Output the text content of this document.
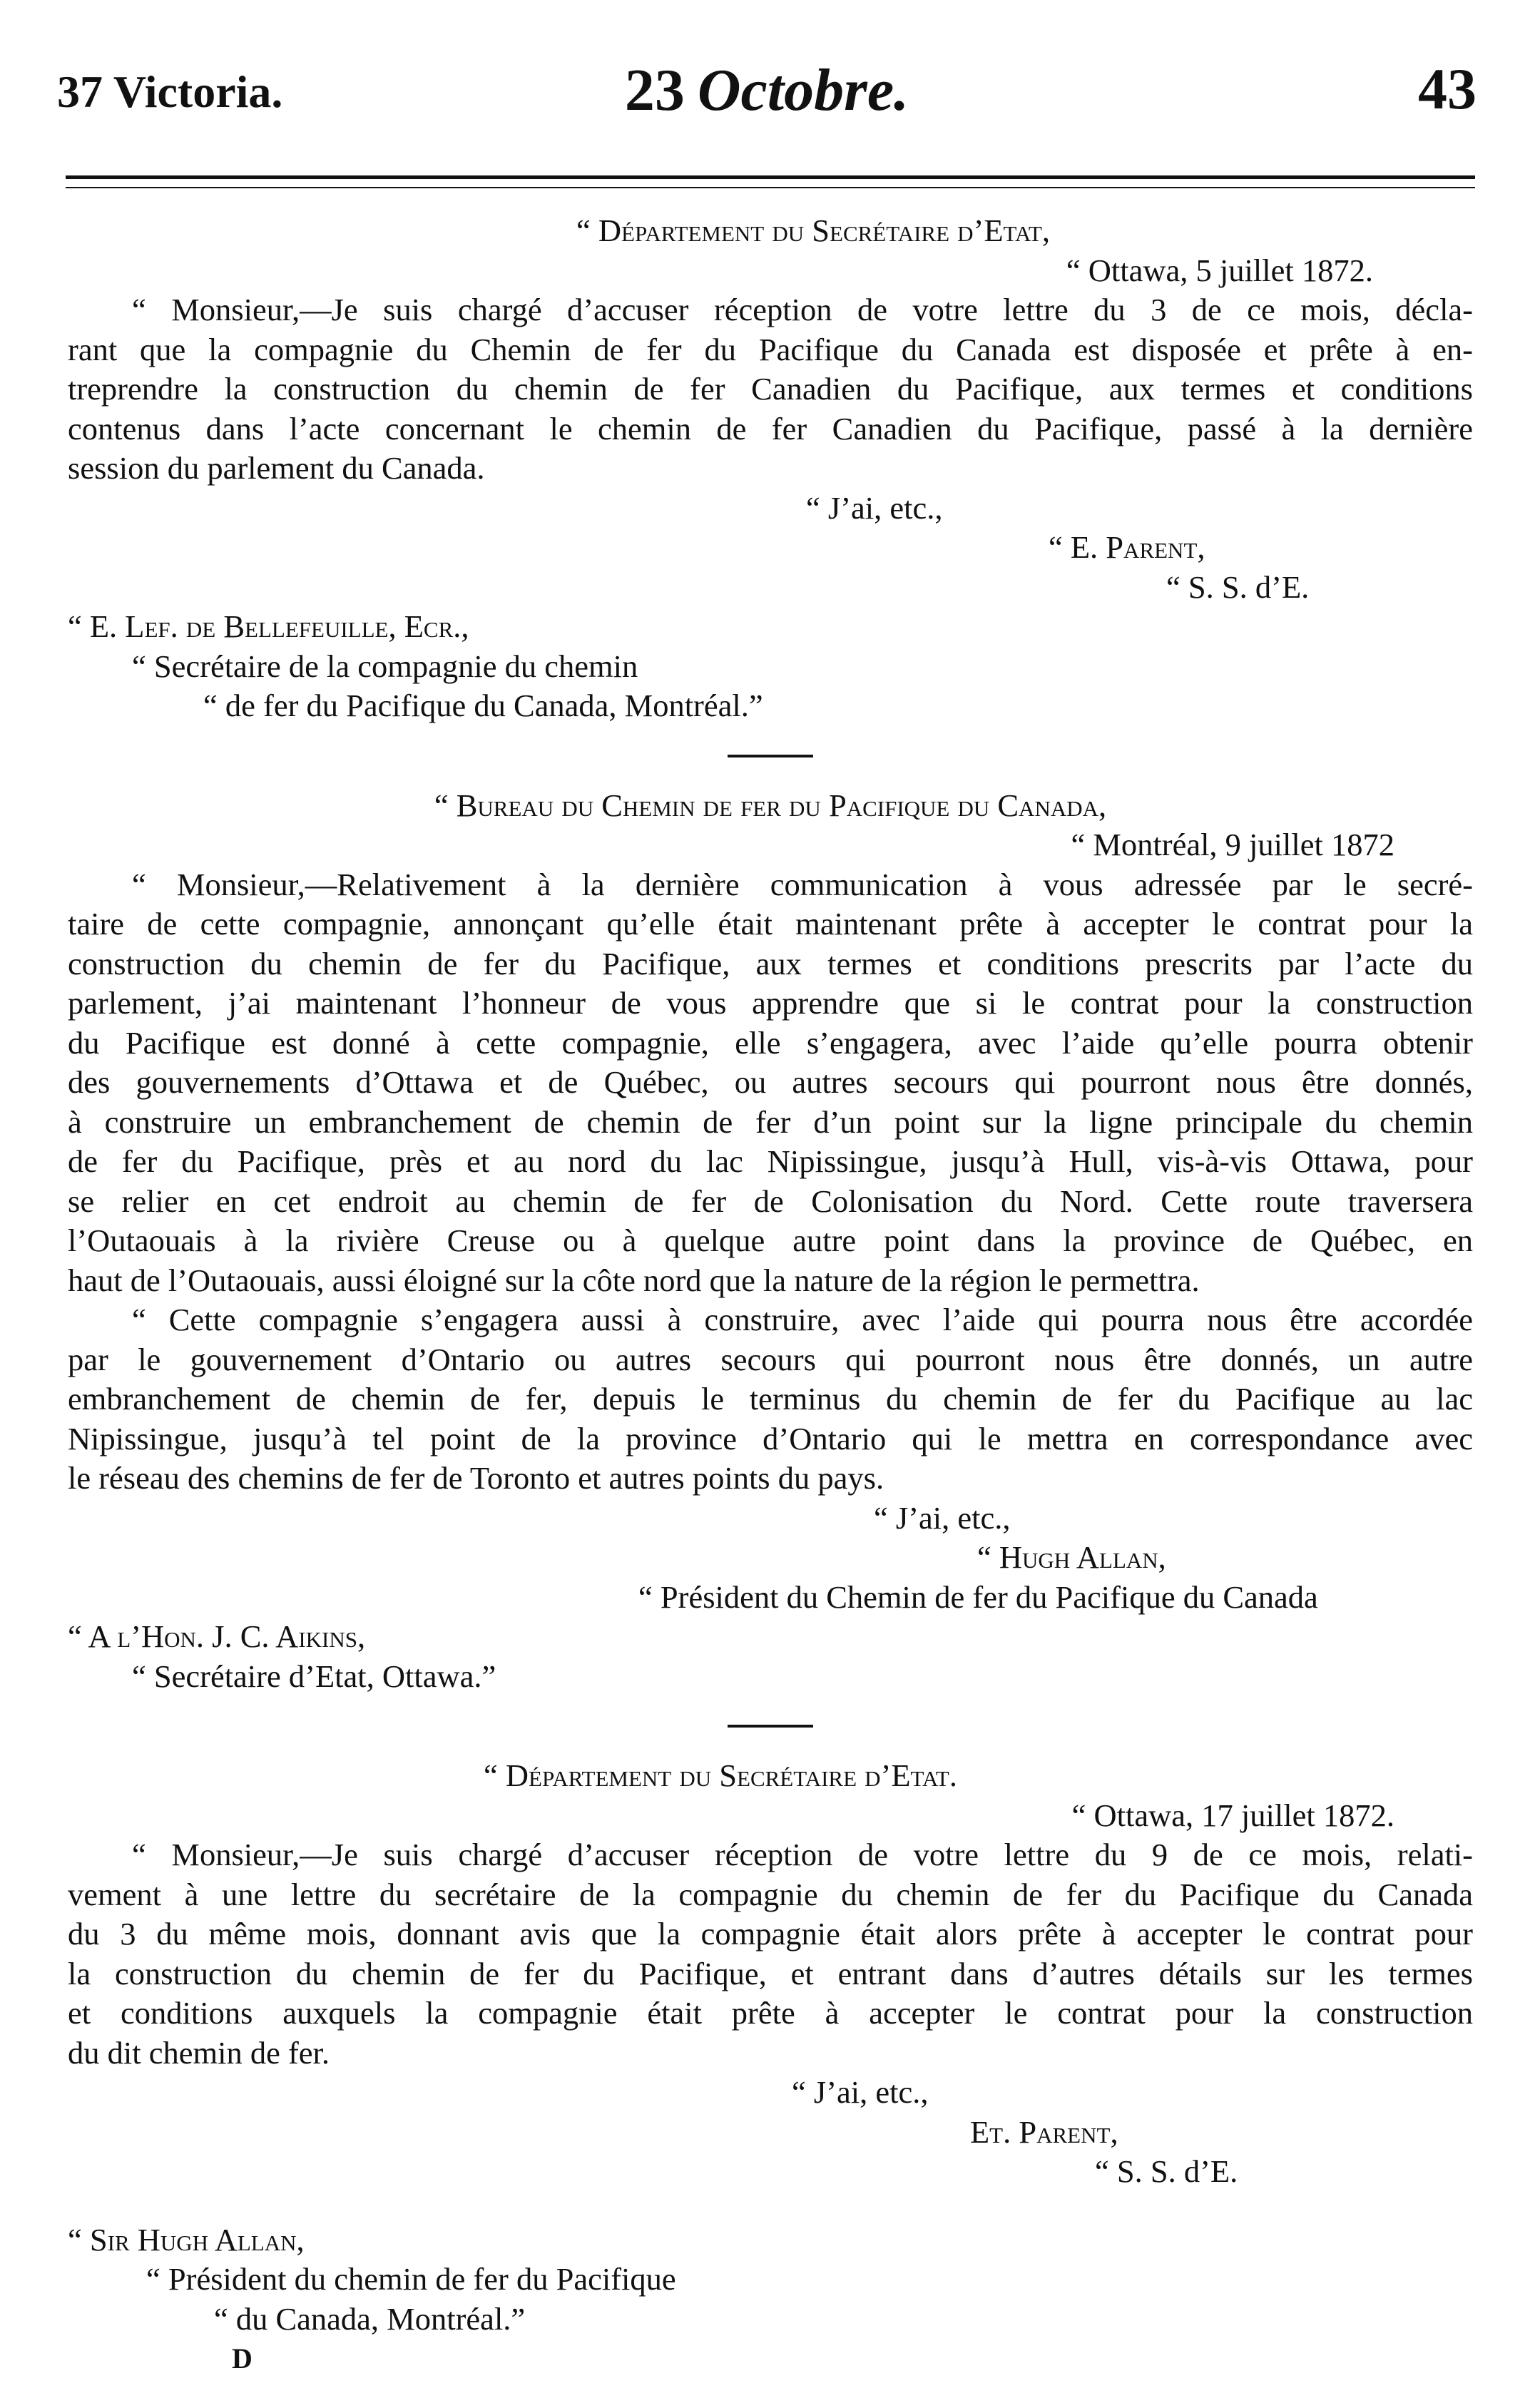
37 Victoria.	23 Octobre.	43
“ Département du Secrétaire d’Etat,
“ Ottawa, 5 juillet 1872.
“ Monsieur,—Je suis chargé d’accuser réception de votre lettre du 3 de ce mois, décla-
rant que la compagnie du Chemin de fer du Pacifique du Canada est disposée et prête à en-
treprendre la construction du chemin de fer Canadien du Pacifique, aux termes et conditions
contenus dans l’acte concernant le chemin de fer Canadien du Pacifique, passé à la dernière
session du parlement du Canada.
“ J’ai, etc.,
“ E. Parent,
“ S. S. d’E.
“ E. Lef. de Bellefeuille, Ecr.,
“ Secrétaire de la compagnie du chemin
“ de fer du Pacifique du Canada, Montréal.”
“ Bureau du Chemin de fer du Pacifique du Canada,
“ Montréal, 9 juillet 1872
“ Monsieur,—Relativement à la dernière communication à vous adressée par le secré-
taire de cette compagnie, annonçant qu’elle était maintenant prête à accepter le contrat pour la
construction du chemin de fer du Pacifique, aux termes et conditions prescrits par l’acte du
parlement, j’ai maintenant l’honneur de vous apprendre que si le contrat pour la construction
du Pacifique est donné à cette compagnie, elle s’engagera, avec l’aide qu’elle pourra obtenir
des gouvernements d’Ottawa et de Québec, ou autres secours qui pourront nous être donnés,
à construire un embranchement de chemin de fer d’un point sur la ligne principale du chemin
de fer du Pacifique, près et au nord du lac Nipissingue, jusqu’à Hull, vis-à-vis Ottawa, pour
se relier en cet endroit au chemin de fer de Colonisation du Nord. Cette route traversera
l’Outaouais à la rivière Creuse ou à quelque autre point dans la province de Québec, en
haut de l’Outaouais, aussi éloigné sur la côte nord que la nature de la région le permettra.
“ Cette compagnie s’engagera aussi à construire, avec l’aide qui pourra nous être accordée
par le gouvernement d’Ontario ou autres secours qui pourront nous être donnés, un autre
embranchement de chemin de fer, depuis le terminus du chemin de fer du Pacifique au lac
Nipissingue, jusqu’à tel point de la province d’Ontario qui le mettra en correspondance avec
le réseau des chemins de fer de Toronto et autres points du pays.
“ J’ai, etc.,
“ Hugh Allan,
“ Président du Chemin de fer du Pacifique du Canada
“ A l’Hon. J. C. Aikins,
“ Secrétaire d’Etat, Ottawa.”
“ Département du Secrétaire d’Etat.
“ Ottawa, 17 juillet 1872.
“ Monsieur,—Je suis chargé d’accuser réception de votre lettre du 9 de ce mois, relati-
vement à une lettre du secrétaire de la compagnie du chemin de fer du Pacifique du Canada
du 3 du même mois, donnant avis que la compagnie était alors prête à accepter le contrat pour
la construction du chemin de fer du Pacifique, et entrant dans d’autres détails sur les termes
et conditions auxquels la compagnie était prête à accepter le contrat pour la construction
du dit chemin de fer.
“ J’ai, etc.,
Et. Parent,
“ S. S. d’E.
“ Sir Hugh Allan,
“ Président du chemin de fer du Pacifique
“ du Canada, Montréal.”
D
